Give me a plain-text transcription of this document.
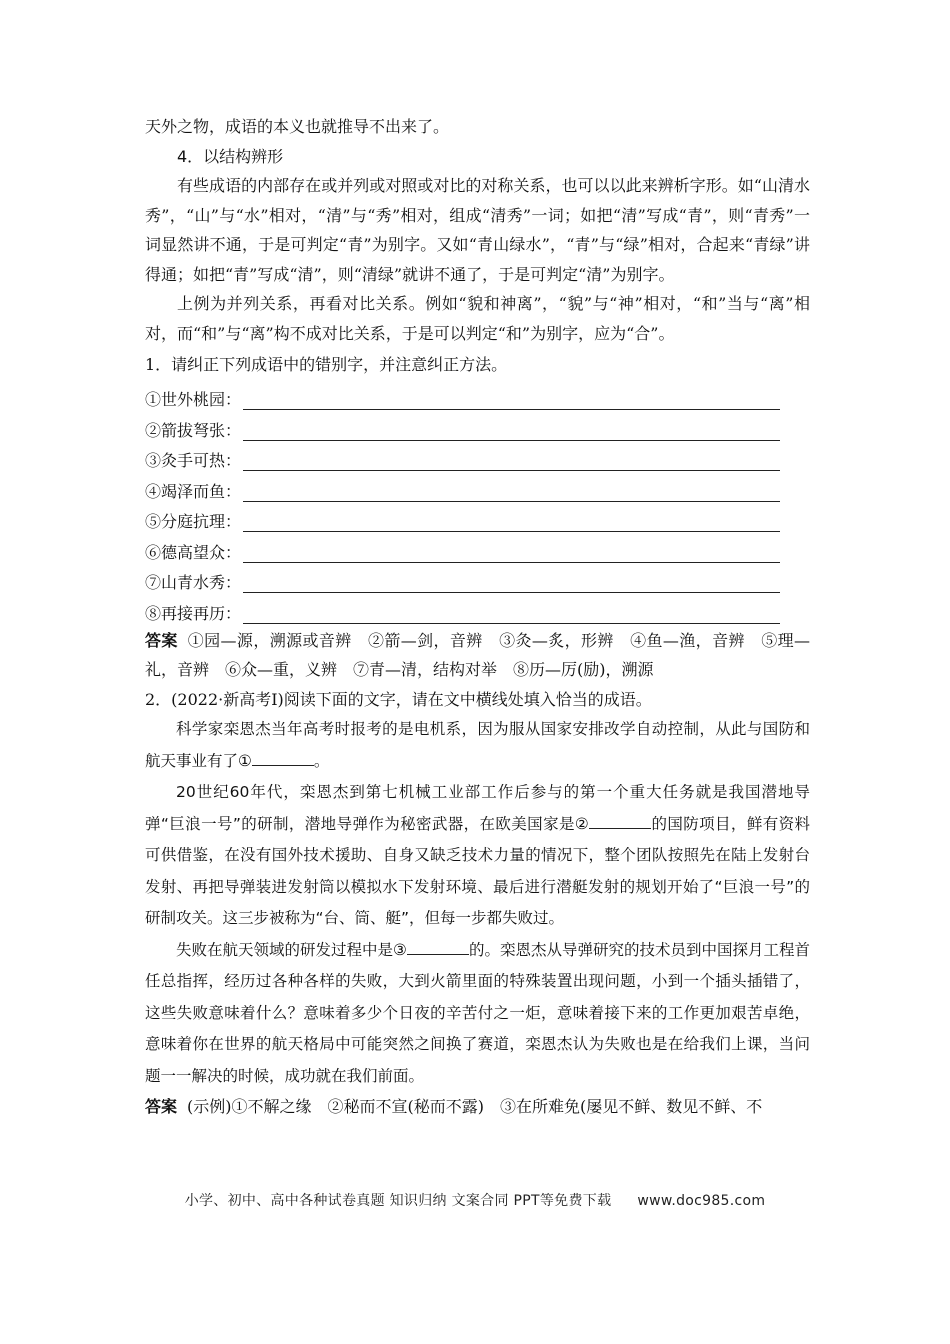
天外之物，成语的本义也就推导不出来了。

4．以结构辨形

有些成语的内部存在或并列或对照或对比的对称关系，也可以以此来辨析字形。如“山清水秀”，“山”与“水”相对，“清”与“秀”相对，组成“清秀”一词；如把“清”写成“青”，则“青秀”一词显然讲不通，于是可判定“青”为别字。又如“青山绿水”，“青”与“绿”相对，合起来“青绿”讲得通；如把“青”写成“清”，则“清绿”就讲不通了，于是可判定“清”为别字。

上例为并列关系，再看对比关系。例如“貌和神离”，“貌”与“神”相对，“和”当与“离”相对，而“和”与“离”构不成对比关系，于是可以判定“和”为别字，应为“合”。

1．请纠正下列成语中的错别字，并注意纠正方法。

①世外桃园：
②箭拔弩张：
③灸手可热：
④竭泽而鱼：
⑤分庭抗理：
⑥德高望众：
⑦山青水秀：
⑧再接再历：

答案 ①园—源，溯源或音辨　②箭—剑，音辨　③灸—炙，形辨　④鱼—渔，音辨　⑤理—礼，音辨　⑥众—重，义辨　⑦青—清，结构对举　⑧历—厉(励)，溯源

2．(2022·新高考Ⅰ)阅读下面的文字，请在文中横线处填入恰当的成语。

科学家栾恩杰当年高考时报考的是电机系，因为服从国家安排改学自动控制，从此与国防和航天事业有了①	。

20世纪60年代，栾恩杰到第七机械工业部工作后参与的第一个重大任务就是我国潜地导弹“巨浪一号”的研制，潜地导弹作为秘密武器，在欧美国家是②	的国防项目，鲜有资料可供借鉴，在没有国外技术援助、自身又缺乏技术力量的情况下，整个团队按照先在陆上发射台发射、再把导弹装进发射筒以模拟水下发射环境、最后进行潜艇发射的规划开始了“巨浪一号”的研制攻关。这三步被称为“台、筒、艇”，但每一步都失败过。

失败在航天领域的研发过程中是③	的。栾恩杰从导弹研究的技术员到中国探月工程首任总指挥，经历过各种各样的失败，大到火箭里面的特殊装置出现问题，小到一个插头插错了，这些失败意味着什么？意味着多少个日夜的辛苦付之一炬，意味着接下来的工作更加艰苦卓绝，意味着你在世界的航天格局中可能突然之间换了赛道，栾恩杰认为失败也是在给我们上课，当问题一一解决的时候，成功就在我们前面。

答案 (示例)①不解之缘　②秘而不宣(秘而不露)　③在所难免(屡见不鲜、数见不鲜、不

小学、初中、高中各种试卷真题 知识归纳 文案合同 PPT等免费下载 www.doc985.com
